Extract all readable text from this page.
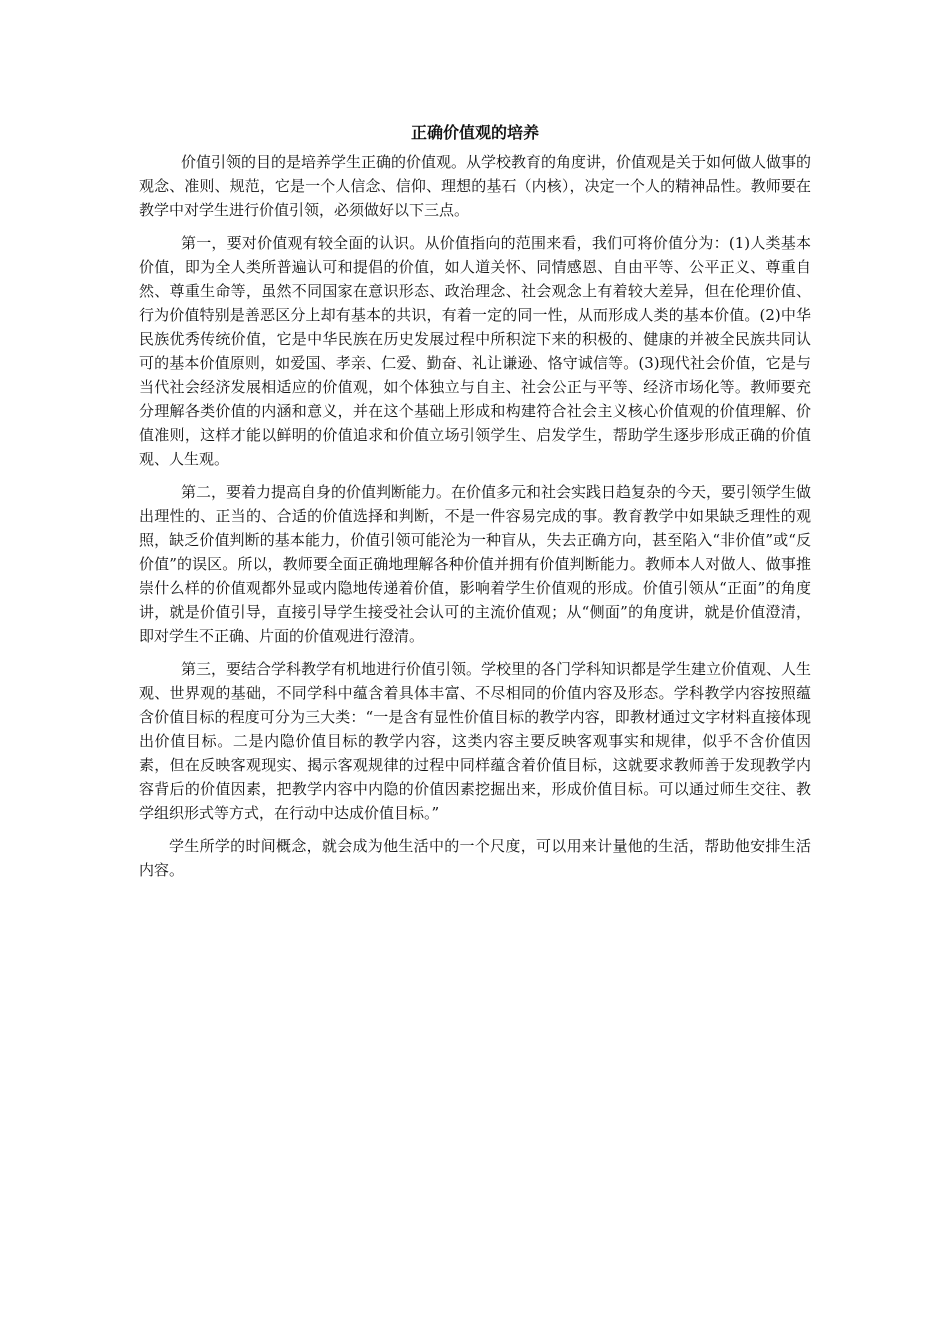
正确价值观的培养

价值引领的目的是培养学生正确的价值观。从学校教育的角度讲，价值观是关于如何做人做事的观念、准则、规范，它是一个人信念、信仰、理想的基石（内核），决定一个人的精神品性。教师要在教学中对学生进行价值引领，必须做好以下三点。

第一，要对价值观有较全面的认识。从价值指向的范围来看，我们可将价值分为：(1)人类基本价值，即为全人类所普遍认可和提倡的价值，如人道关怀、同情感恩、自由平等、公平正义、尊重自然、尊重生命等，虽然不同国家在意识形态、政治理念、社会观念上有着较大差异，但在伦理价值、行为价值特别是善恶区分上却有基本的共识，有着一定的同一性，从而形成人类的基本价值。(2)中华民族优秀传统价值，它是中华民族在历史发展过程中所积淀下来的积极的、健康的并被全民族共同认可的基本价值原则，如爱国、孝亲、仁爱、勤奋、礼让谦逊、恪守诚信等。(3)现代社会价值，它是与当代社会经济发展相适应的价值观，如个体独立与自主、社会公正与平等、经济市场化等。教师要充分理解各类价值的内涵和意义，并在这个基础上形成和构建符合社会主义核心价值观的价值理解、价值准则，这样才能以鲜明的价值追求和价值立场引领学生、启发学生，帮助学生逐步形成正确的价值观、人生观。

第二，要着力提高自身的价值判断能力。在价值多元和社会实践日趋复杂的今天，要引领学生做出理性的、正当的、合适的价值选择和判断，不是一件容易完成的事。教育教学中如果缺乏理性的观照，缺乏价值判断的基本能力，价值引领可能沦为一种盲从，失去正确方向，甚至陷入“非价值”或“反价值”的误区。所以，教师要全面正确地理解各种价值并拥有价值判断能力。教师本人对做人、做事推崇什么样的价值观都外显或内隐地传递着价值，影响着学生价值观的形成。价值引领从“正面”的角度讲，就是价值引导，直接引导学生接受社会认可的主流价值观；从“侧面”的角度讲，就是价值澄清，即对学生不正确、片面的价值观进行澄清。

第三，要结合学科教学有机地进行价值引领。学校里的各门学科知识都是学生建立价值观、人生观、世界观的基础，不同学科中蕴含着具体丰富、不尽相同的价值内容及形态。学科教学内容按照蕴含价值目标的程度可分为三大类：“一是含有显性价值目标的教学内容，即教材通过文字材料直接体现出价值目标。二是内隐价值目标的教学内容，这类内容主要反映客观事实和规律，似乎不含价值因素，但在反映客观现实、揭示客观规律的过程中同样蕴含着价值目标，这就要求教师善于发现教学内容背后的价值因素，把教学内容中内隐的价值因素挖掘出来，形成价值目标。可以通过师生交往、教学组织形式等方式，在行动中达成价值目标。”

学生所学的时间概念，就会成为他生活中的一个尺度，可以用来计量他的生活，帮助他安排生活内容。
